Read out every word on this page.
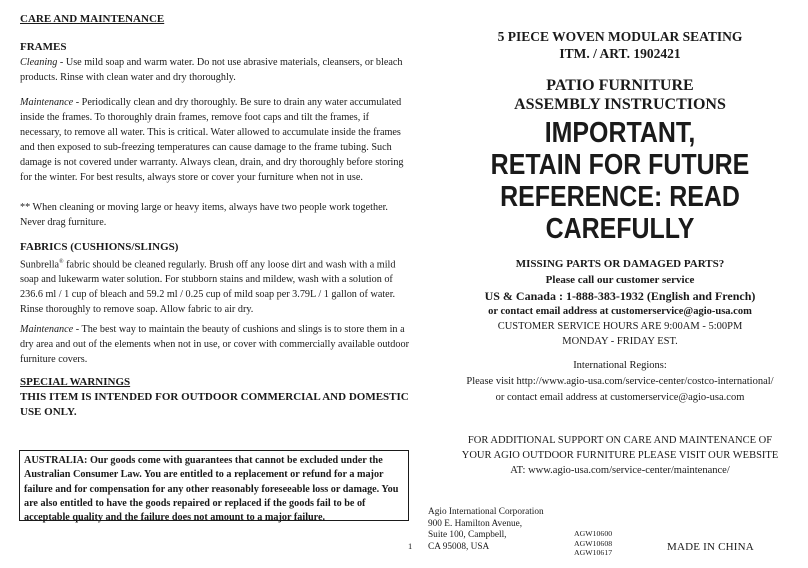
CARE AND MAINTENANCE

FRAMES

Cleaning - Use mild soap and warm water. Do not use abrasive materials, cleansers, or bleach products. Rinse with clean water and dry thoroughly.

Maintenance - Periodically clean and dry thoroughly. Be sure to drain any water accumulated inside the frames. To thoroughly drain frames, remove foot caps and tilt the frames, if necessary, to remove all water. This is critical. Water allowed to accumulate inside the frames and then exposed to sub-freezing temperatures can cause damage to the frame tubing. Such damage is not covered under warranty. Always clean, drain, and dry thoroughly before storing for the winter. For best results, always store or cover your furniture when not in use.

** When cleaning or moving large or heavy items, always have two people work together. Never drag furniture.

FABRICS (CUSHIONS/SLINGS)

Sunbrella® fabric should be cleaned regularly. Brush off any loose dirt and wash with a mild soap and lukewarm water solution. For stubborn stains and mildew, wash with a solution of 236.6 ml / 1 cup of bleach and 59.2 ml / 0.25 cup of mild soap per 3.79L / 1 gallon of water. Rinse thoroughly to remove soap. Allow fabric to air dry.

Maintenance - The best way to maintain the beauty of cushions and slings is to store them in a dry area and out of the elements when not in use, or cover with commercially available outdoor furniture covers.

SPECIAL WARNINGS

THIS ITEM IS INTENDED FOR OUTDOOR COMMERCIAL AND DOMESTIC USE ONLY.

AUSTRALIA: Our goods come with guarantees that cannot be excluded under the Australian Consumer Law. You are entitled to a replacement or refund for a major failure and for compensation for any other reasonably foreseeable loss or damage. You are also entitled to have the goods repaired or replaced if the goods fail to be of acceptable quality and the failure does not amount to a major failure.
1
5 PIECE WOVEN MODULAR SEATING
ITM. / ART. 1902421
PATIO FURNITURE
ASSEMBLY INSTRUCTIONS
IMPORTANT,
RETAIN FOR FUTURE
REFERENCE: READ
CAREFULLY
MISSING PARTS OR DAMAGED PARTS?
Please call our customer service
US & Canada : 1-888-383-1932 (English and French)
or contact email address at customerservice@agio-usa.com
CUSTOMER SERVICE HOURS ARE 9:00AM - 5:00PM
MONDAY - FRIDAY EST.
International Regions:
Please visit http://www.agio-usa.com/service-center/costco-international/
or contact email address at customerservice@agio-usa.com
FOR ADDITIONAL SUPPORT ON CARE AND MAINTENANCE OF
YOUR AGIO OUTDOOR FURNITURE PLEASE VISIT OUR WEBSITE
AT: www.agio-usa.com/service-center/maintenance/
Agio International Corporation
900 E. Hamilton Avenue,
Suite 100, Campbell,
CA 95008, USA
AGW10600
AGW10608
AGW10617	MADE IN CHINA
